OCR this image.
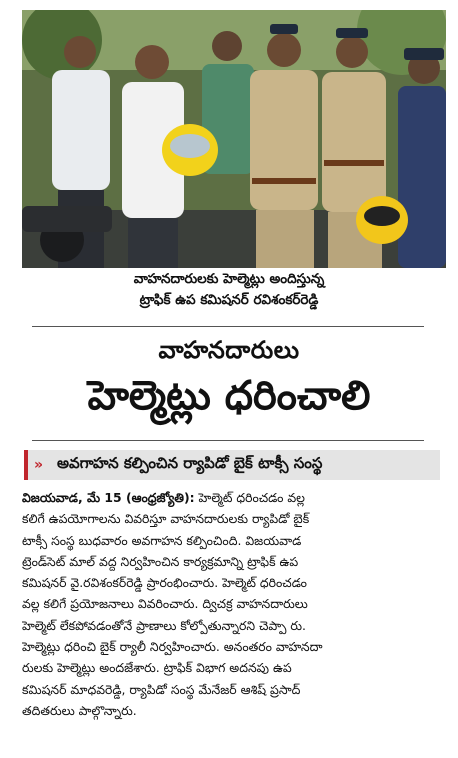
వాహనదారులకు హెల్మెట్లు అందిస్తున్న
ట్రాఫిక్ ఉప కమిషనర్ రవిశంకర్‌రెడ్డి
వాహనదారులు
హెల్మెట్లు ధరించాలి
» అవగాహన కల్పించిన ర్యాపిడో బైక్ టాక్సీ సంస్థ
విజయవాడ, మే 15 (ఆంధ్రజ్యోతి): హెల్మెట్ ధరించడం వల్ల
కలిగే ఉపయోగాలను వివరిస్తూ వాహనదారులకు ర్యాపిడో బైక్
టాక్సీ సంస్థ బుధవారం అవగాహన కల్పించింది. విజయవాడ
ట్రెండ్‌సెట్ మాల్ వద్ద నిర్వహించిన కార్యక్రమాన్ని ట్రాఫిక్ ఉప
కమిషనర్ వై.రవిశంకర్‌రెడ్డి ప్రారంభించారు. హెల్మెట్ ధరించడం
వల్ల కలిగే ప్రయోజనాలు వివరించారు. ద్విచక్ర వాహనదారులు
హెల్మెట్ లేకపోవడంతోనే ప్రాణాలు కోల్పోతున్నారని చెప్పా రు.
హెల్మెట్లు ధరించి బైక్ ర్యాలీ నిర్వహించారు. అనంతరం వాహనదా
రులకు హెల్మెట్లు అందజేశారు. ట్రాఫిక్ విభాగ అదనపు ఉప
కమిషనర్ మాధవరెడ్డి, ర్యాపిడో సంస్థ మేనేజర్ ఆశిష్ ప్రసాద్
తదితరులు పాల్గొన్నారు.
